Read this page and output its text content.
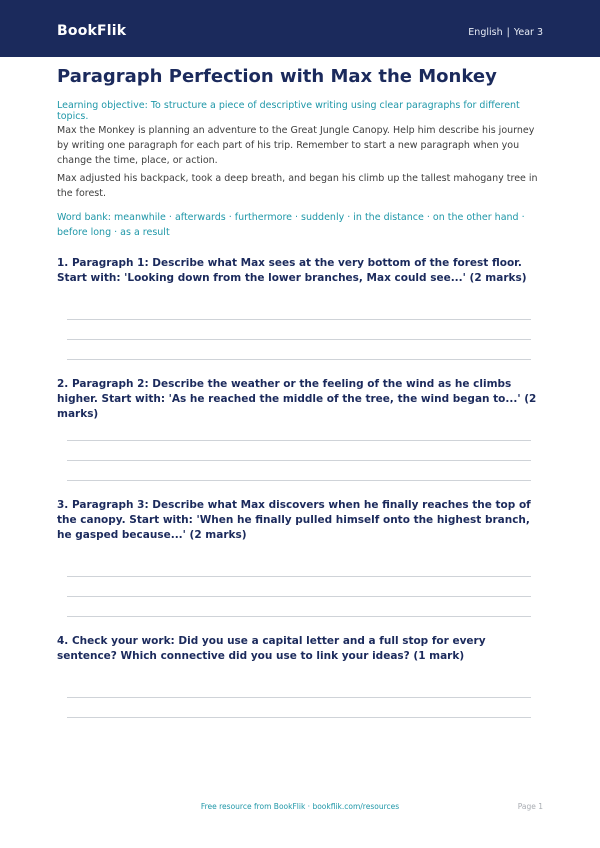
BookFlik	English | Year 3
Paragraph Perfection with Max the Monkey

Learning objective: To structure a piece of descriptive writing using clear paragraphs for different topics.

Max the Monkey is planning an adventure to the Great Jungle Canopy. Help him describe his journey by writing one paragraph for each part of his trip. Remember to start a new paragraph when you change the time, place, or action.

Max adjusted his backpack, took a deep breath, and began his climb up the tallest mahogany tree in the forest.

Word bank: meanwhile · afterwards · furthermore · suddenly · in the distance · on the other hand · before long · as a result

1. Paragraph 1: Describe what Max sees at the very bottom of the forest floor. Start with: 'Looking down from the lower branches, Max could see...' (2 marks)

2. Paragraph 2: Describe the weather or the feeling of the wind as he climbs higher. Start with: 'As he reached the middle of the tree, the wind began to...' (2 marks)

3. Paragraph 3: Describe what Max discovers when he finally reaches the top of the canopy. Start with: 'When he finally pulled himself onto the highest branch, he gasped because...' (2 marks)

4. Check your work: Did you use a capital letter and a full stop for every sentence? Which connective did you use to link your ideas? (1 mark)

Free resource from BookFlik · bookflik.com/resources	Page 1
